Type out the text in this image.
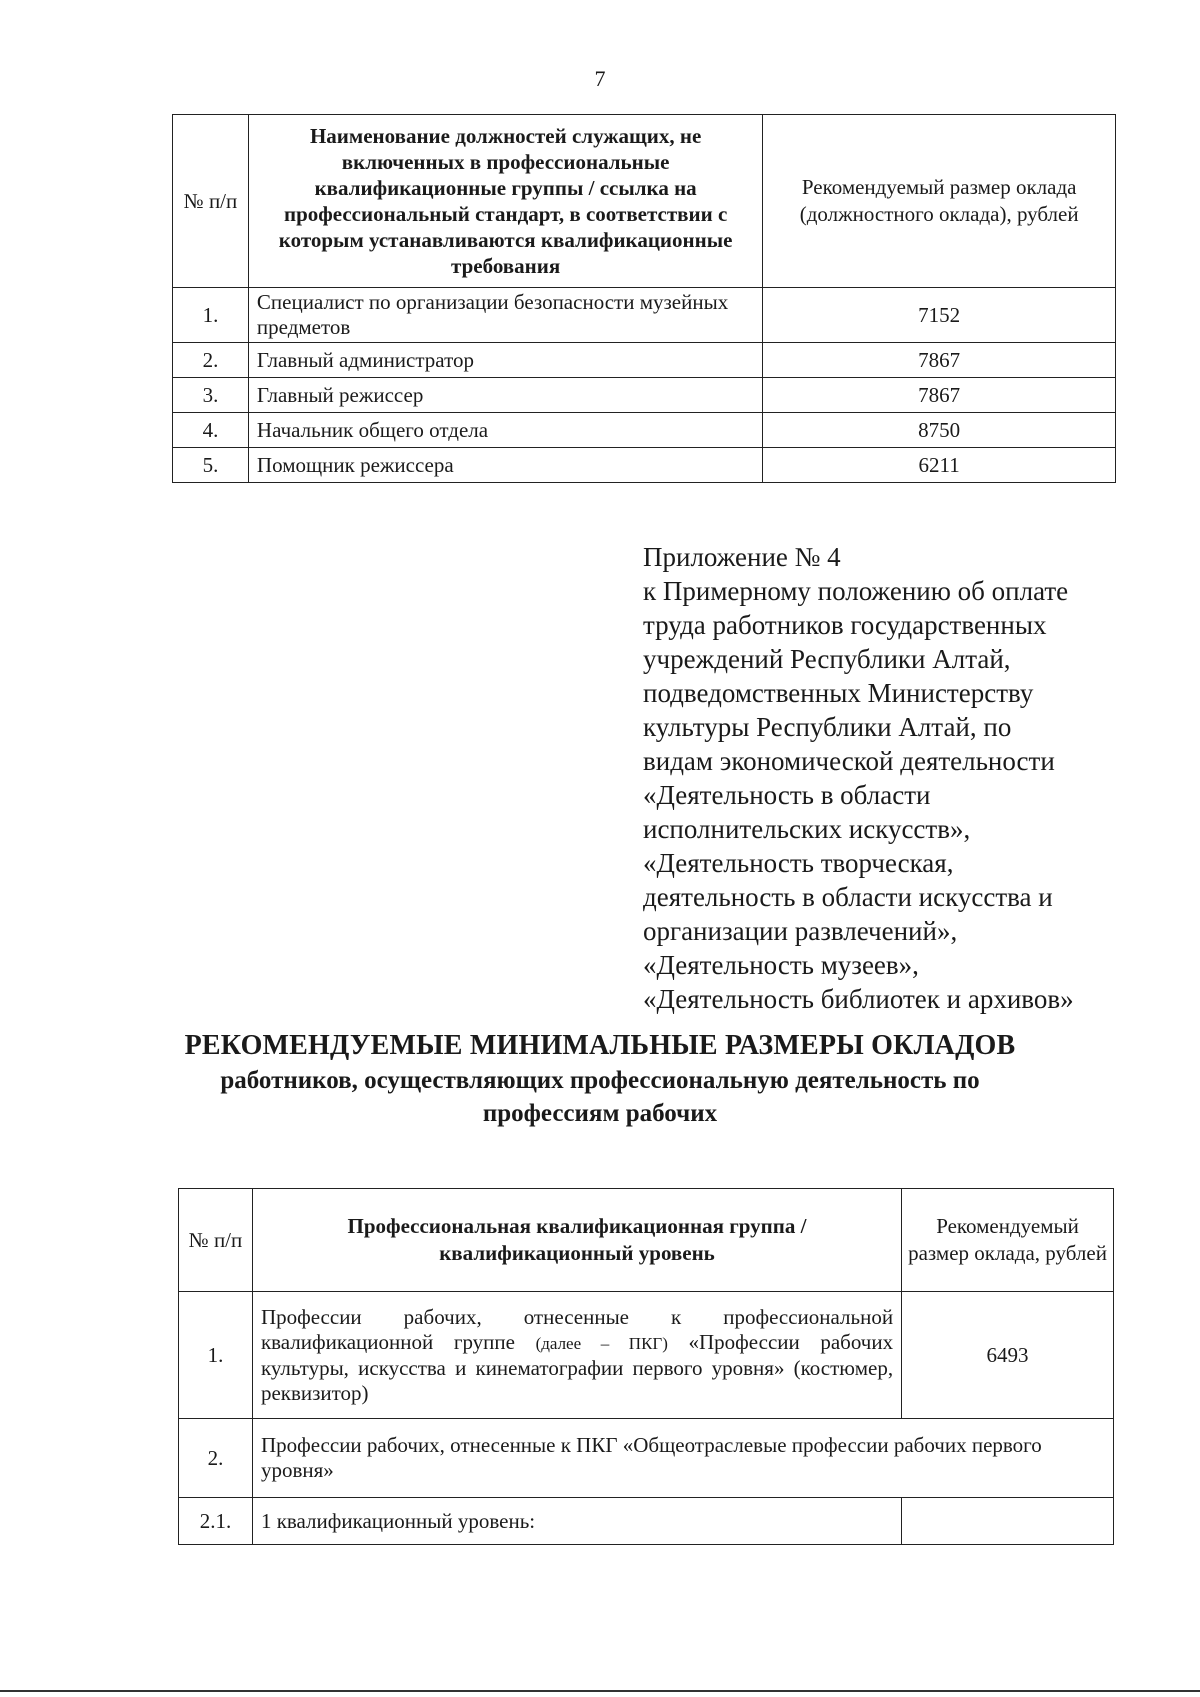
7
№ п/п	Наименование должностей служащих, не включенных в профессиональные квалификационные группы / ссылка на профессиональный стандарт, в соответствии с которым устанавливаются квалификационные требования	Рекомендуемый размер оклада (должностного оклада), рублей
1.	Специалист по организации безопасности музейных предметов	7152
2.	Главный администратор	7867
3.	Главный режиссер	7867
4.	Начальник общего отдела	8750
5.	Помощник режиссера	6211
Приложение № 4
к Примерному положению об оплате
труда работников государственных
учреждений Республики Алтай,
подведомственных Министерству
культуры Республики Алтай, по
видам экономической деятельности
«Деятельность в области
исполнительских искусств»,
«Деятельность творческая,
деятельность в области искусства и
организации развлечений»,
«Деятельность музеев»,
«Деятельность библиотек и архивов»
РЕКОМЕНДУЕМЫЕ МИНИМАЛЬНЫЕ РАЗМЕРЫ ОКЛАДОВ
работников, осуществляющих профессиональную деятельность по
профессиям рабочих
№ п/п	Профессиональная квалификационная группа / квалификационный уровень	Рекомендуемый размер оклада, рублей
1.	Профессии рабочих, отнесенные к профессиональной квалификационной группе (далее – ПКГ) «Профессии рабочих культуры, искусства и кинематографии первого уровня» (костюмер, реквизитор)	6493
2.	Профессии рабочих, отнесенные к ПКГ «Общеотраслевые профессии рабочих первого уровня»	
2.1.	1 квалификационный уровень:	
